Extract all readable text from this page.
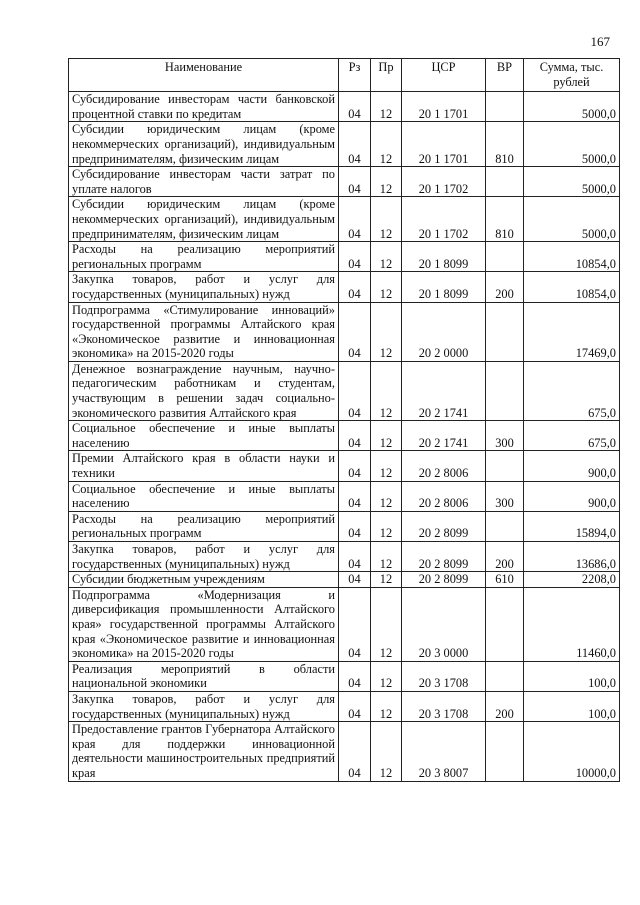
167
Наименование	Рз	Пр	ЦСР	ВР	Сумма, тыс. рублей
Субсидирование инвесторам части банковской процентной ставки по кредитам	04	12	20 1 1701		5000,0
Субсидии юридическим лицам (кроме некоммерческих организаций), индивидуальным предпринимателям, физическим лицам	04	12	20 1 1701	810	5000,0
Субсидирование инвесторам части затрат по уплате налогов	04	12	20 1 1702		5000,0
Субсидии юридическим лицам (кроме некоммерческих организаций), индивидуальным предпринимателям, физическим лицам	04	12	20 1 1702	810	5000,0
Расходы на реализацию мероприятий региональных программ	04	12	20 1 8099		10854,0
Закупка товаров, работ и услуг для государственных (муниципальных) нужд	04	12	20 1 8099	200	10854,0
Подпрограмма «Стимулирование инноваций» государственной программы Алтайского края «Экономическое развитие и инновационная экономика» на 2015-2020 годы	04	12	20 2 0000		17469,0
Денежное вознаграждение научным, научно-педагогическим работникам и студентам, участвующим в решении задач социально-экономического развития Алтайского края	04	12	20 2 1741		675,0
Социальное обеспечение и иные выплаты населению	04	12	20 2 1741	300	675,0
Премии Алтайского края в области науки и техники	04	12	20 2 8006		900,0
Социальное обеспечение и иные выплаты населению	04	12	20 2 8006	300	900,0
Расходы на реализацию мероприятий региональных программ	04	12	20 2 8099		15894,0
Закупка товаров, работ и услуг для государственных (муниципальных) нужд	04	12	20 2 8099	200	13686,0
Субсидии бюджетным учреждениям	04	12	20 2 8099	610	2208,0
Подпрограмма «Модернизация и диверсификация промышленности Алтайского края» государственной программы Алтайского края «Экономическое развитие и инновационная экономика» на 2015-2020 годы	04	12	20 3 0000		11460,0
Реализация мероприятий в области национальной экономики	04	12	20 3 1708		100,0
Закупка товаров, работ и услуг для государственных (муниципальных) нужд	04	12	20 3 1708	200	100,0
Предоставление грантов Губернатора Алтайского края для поддержки инновационной деятельности машиностроительных предприятий края	04	12	20 3 8007		10000,0
